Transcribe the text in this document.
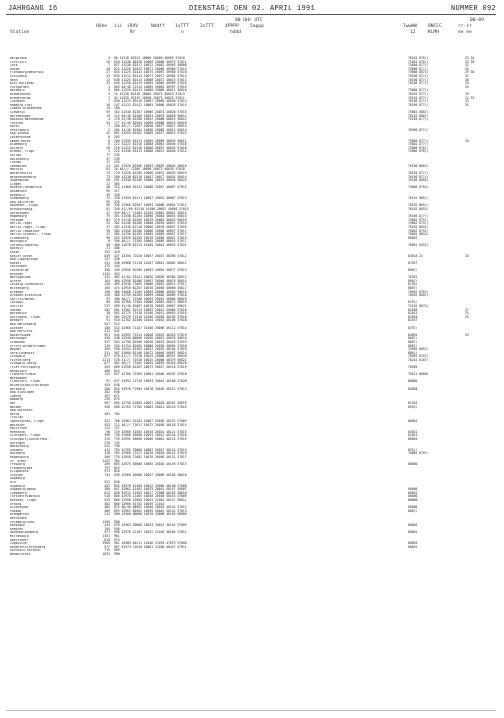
JAHRGANG 16	DIENSTAG; DEN 02. APRIL 1991	NUMMER 092
00 UHr UTC	00-09
Station
Höhe iii iRVV	Nddff 1sTTT 2sTTT 4PPPP 5appp	7wwWW 8NCCC	rr-rr
Rr	n	hddd	12	KLMH	ee ee
Helgoland	4 06 41218 82323 10066 20060 40005 57010	76162 876//	25 34
List/Sylt	26 020 41230 80420 10069 20060 40975 57011	71052 876//	23 36
Leck	7 027 41230 82517 10072 20052 40983 58008	75856 877//	32
Husum	28 022 41220 82622 10071 20066 40960 57012	75866 87///	35
Flensburg/Weserwik	27 033 41225 82422 10075 20067 40980 57010	75866 8872/	29 36
Schleswig	43 035 41212 82414 10077 20071 40984 57013	76166 877//	31
Hohn	12 038 41225 82413 10080 20072 40015 57013	76166 877//	30
Kiel-Holtenau	31 046 41250 82415 10085 20064 40989 57016	76166 877//	29
Puttgarden	1 063 40/40 12314 10085 20062 40997 57015	25
Nordholz	9 066 41225 82413 10080 20069 40011 56016	75866 877//
Bremerhaven	5 15 41230 82416 10084 20073 40015 57013	76162 877//	29
Bremervörde	7 55 41539 82319 10090 20075 40025 57011	76162 877//	21 35
Cuxhaven	7 030 41225 82416 10087 20069 40026 57013	76166 877//	33
Hamburg-Fuhl.	16 147 41232 82412 10083 20066 40026 57013	76166 877//	35
Lübeck-Blankensee	14 160
Schwerin	59 162 41340 82307 10086 20073 40028 57015	75862 8887/
Boltenhagen	19 113 40/40 82406 10091 20074 40010 56012	76162 8887/
Rostock-Warnemünde	4 170 41/40 82306 10092 20066 40015 58012	75165 8/7//
Teterow	43 177 41/40 82504 10090 20068 40015 56016
Barth	7 180 46/// 72507 10090 20077 40027 56014
Greifswald	2 184 41/40 82504 10096 20085 40012 56014	76366 877//
Kap Arkona	42 091 41355 82302 10089 20077 40015 57015
Leckernünde	6 203
Emden-Hafen	8 200 41335 82411 10085 20069 40033 58011	75866 877//	28
Oldenburg	8 222 41222 82316 10080 20061 40040 57016	75862 877//
Ahlhorn	49 218 41322 82316 10086 20072 40034 57016	75866 876//
Bremen, Flugh.	3 224 41340 82413 10086 20072 40040 57012	75866 876//
Soltau	77 235
Boizenburg	47 236
Lüchow	17 253
Seehausen	21 261 41920 82406 10093 20076 40044 56016	76166 8602/
Marnitz	81 26 46/// 72206 10090 20073 40039 57018
Waren/Müritz	75 270 41220 82205 10088 20074 40033 56019	76165 877//
Neubrandenburg	73 280 41230 82310 10087 20077 40026 56014	76166 877//
Angermünde	56 291 41930 82206 10088 20075 40036 56024	76166 8602/
Lingen	22 305
Münster/Osnabrück	48 315 41460 83312 10088 20047 40067 57015	75866 8702/
Osnabrück	95 317
Diepholz	39 320
Schöneberg	72 330 41559 82411 10097 20051 40067 57015	76162 885//
Bad Salzuflen	95 325
Hannover, Flugh.	56 338 41560 82507 10093 20066 40054 57012	76162 865//
Braunschweig	81 348 41//60 82510 10106 20052 40050 57015	76162 8652/
Gardelegen	47 359 46/// 72404 10105 20061 40051 56013
Magdeburg	79 361 41540 82204 10098 20083 40054 56015	76166 8/7//
Potsdam	81 379 41740 82205 10079 20081 40053 56019	75862 875//
Berlin-Tegel	33 382 41346 82206 10080 20070 40057 57019	75862 875//
Berlin-Tegel, Flugh.	37 383 41346 82110 10086 20070 40057 57016	76162 8652/
Berlin-Tempelhof	50 384 41556 82206 10086 20068 40057 57017	76062 8752/
Berlin-Schönef., Flugh.	47 385 41756 82105 10085 20083 40057 57017	76062 8652/
Lindenberg	98 393 42920 82205 10078 20056 40052 57019	80007
Neuruppin	0 396 46/// 72205 10085 20085 40055 57017
Cottbus/Hoyersw.	40 400 41670 82313 10105 20044 40055 57021	76062 8452/
Bocholt	21 406
Essen	152 410
Kahler Asten	839 427 42358 72520 10047 20027 48396 57012	83618 21	33
Bad Lippspringe	157 430
Kassel	231 438 42960 72110 10107 20041 40082 56012	87037
Göttingen	175 444
Leinefelde	356 449 42950 82505 10092 20054 40077 57013	8607/
Brocken	1142 453
Wernigerode	242 463 41/02 92421 10026 20026 48384 58012	76342
Artern	164 460 42956 82406 10097 20048 40076 56015	8607/
Leipzig-Schkeuditz	140 469 42940 72603 10086 20052 40074 57017	8/03/
Wittenberg	105 474 42950 82207 10076 20056 40060 56017	8607/
Dresden	150 480 41660 72204 10094 20060 40083 58015	70562 8707/
Dresden-Klotzsche	220 488 41759 82205 10099 20048 40089 57018	70562 8607/
Görlitz/Nordh.	97 490 46/// 72206 10093 20051 40080 58019
Cottbus	69 496 42760 72304 10086 20062 40072 58019	8791/
Görlitz	237 499 41/40 82007 10078 20035 40067 56021	72162 8672/
Aachen	202 501 42981 52314 10092 20012 40066 57016	81036	27
Nörvenich	18 502 42775 72410 10106 20011 40093 57015	82012	25
Köln/Bonn, Flugh.	67 505 42970 72510 10106 20030 40105 57018	82810	25
Bendorf	91 510 42782 82306 10104 20033 40106 57018	82537
Bad Marienberg	547 515
Giessen	186 532 42960 72107 10108 20056 40112 57014	8707/
Bad Hersfeld	212 542
Wasserkuppe	921 544 42955 72314 10040 20025 48416 57019	84032	25
Meiningen	450 548 42945 80000 10056 20037 40070 56016	8607/
Schmücke	937 552 42756 82506 10030 20023 48416 57019	8807/
Erfurt-Bindersleben	316 555 42754 82605 10080 20036 40094 57018	8807/
Weimar	264 558 41553 82305 10037 20029 48104 57019	70582 8857/
Gera-Leumnitz	311 567 42660 82106 10072 20040 40097 56014	886//
Zinnwald	877 578 41/// 72518 10025 20006 48357 56020	70562 8157/
Fichtelberg	1213 578 41/// 72518 10025 20006 48379 56022	70242 8187/
Zinnwald-Georg.	877 582 46/// 72402 10055 20039 48416 56020
Trier-Petrisberg	265 609 41950 82207 10073 20027 40110 57019	70505
Neubulach	480 615
Frankfurt/Main	112 637 42760 72305 10081 20040 40107 57018	70511 80001
Wiesbaden
Frankfurt, Flugh.	91 637 42952 11710 10093 20041 40108 57020	80000
Michelstadt/Vielbrunn	453 648
Würzburg	268 655 42970 71904 10078 20018 40112 57013	83038
Bad Kissingen	282 658
Coburg	357 671
Bamberg	239 675
Hof	567 685 42758 61805 10057 20020 40107 58019	81501
Weiden	438 688 42763 71705 10083 20011 40116 57015	8553/
Bad Dürkheim
Berus	363 704
Trollay
Saarbrücken, Flugh.	322 708 42962 52203 10067 20030 40131 57009	80001
Weinbiet	553 712 46/// 72617 10072 20036 40118 57013
Karlsruhe	112 727
Mannheim	96 729 42960 51504 10070 20024 40121 57015	83031
Stuttgart, Flugh.	396 738 42960 50000 10053 20012 40134 57010	81021
Stuttgart/Schnarrenb.	315 739 42955 50000 10066 20001 40124 57015	80001
Öhringen	276 742
Wasserburg	422 750
Ansbach	413 755 42765 70000 10087 20027 40124 57013	875//
Nürnberg	318 763 42966 72217 10070 20028 40125 57019	70062 8707/
Regensburg	366 776 41958 71602 10076 20058 40131 57017
St. Arber	1437 784
Freiburg	269 803 42975 50000 10065 20020 40149 57013	80000
Freudenstadt	797 815
Klippeneck	973 818
Stötten	734 836 42960 40000 10057 20009 40148 58010
Augsburg
Ulm	522 838
Augsburg	462 855 42970 61405 10022 20006 40148 57008
Augsburg/Donau	380 857 42962 52402 10033 20014 40147 58007	80000
Landsberg	623 858 42915 51903 10017 21008 40163 58010	80001
Fürstenfeldbruck	518 860 42970 12405 10040 20016 40153 57009	80000
München, Flugh.	529 866 42950 42005 10043 21002 40147 58011	80000
Erding	462 868 42966 61702 10039 21014
Altenstadt	405 875 40/40 08902 10048 20033 40142 57012	80000
Passau	409 893 42962 80502 10059 20042 40142 57013	8807/
Bremgarten	212 900 42960 00000 10070 20008 40163 58005
Hechingen
Feldberg/Schw.	1490 908
Konstanz	443 929 42963 20000 10023 20013 40154 57009	80002
Kempten	705 946
Hohenpeißenberg	977 958 42970 22107 10022 21016 40164 57011	80001
Mittenwald	1301 981
Oberstdorf	810 973
Zugspitze	2960 961 42989 40211 11046 21070 47073 57008	80003
Hohenfels/Ehrenberg	977 967 42974 21610 10061 21020 48447 57011	80001
Garmisch-Partenk.	719 969
Wendelstein	1832 980
